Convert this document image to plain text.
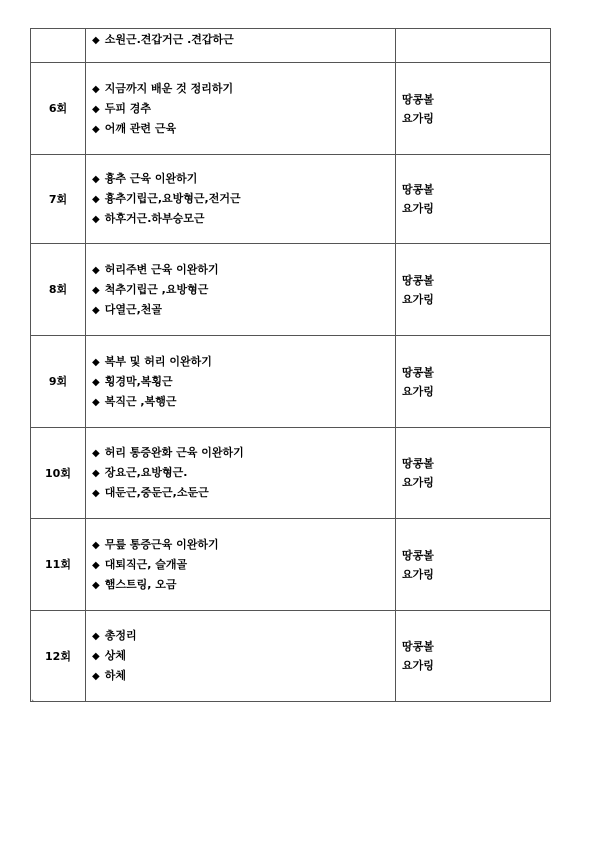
	◆ 소원근.견갑거근 .견갑하근	

6회	◆ 지금까지 배운 것 정리하기
◆ 두피 경추
◆ 어깨 관련 근육	땅콩볼
요가링

7회	◆ 흉추 근육 이완하기
◆ 흉추기립근,요방형근,전거근
◆ 하후거근.하부승모근	땅콩볼
요가링

8회	◆ 허리주변 근육 이완하기
◆ 척추기립근 ,요방형근
◆ 다열근,천골	땅콩볼
요가링

9회	◆ 복부 및 허리 이완하기
◆ 횡경막,복횡근
◆ 복직근 ,복행근	땅콩볼
요가링

10회	◆ 허리 통증완화 근육 이완하기
◆ 장요근,요방형근.
◆ 대둔근,중둔근,소둔근	땅콩볼
요가링

11회	◆ 무릎 통증근육 이완하기
◆ 대퇴직근, 슬개골
◆ 햄스트링, 오금	땅콩볼
요가링

12회	◆ 총정리
◆ 상체
◆ 하체	땅콩볼
요가링
`
